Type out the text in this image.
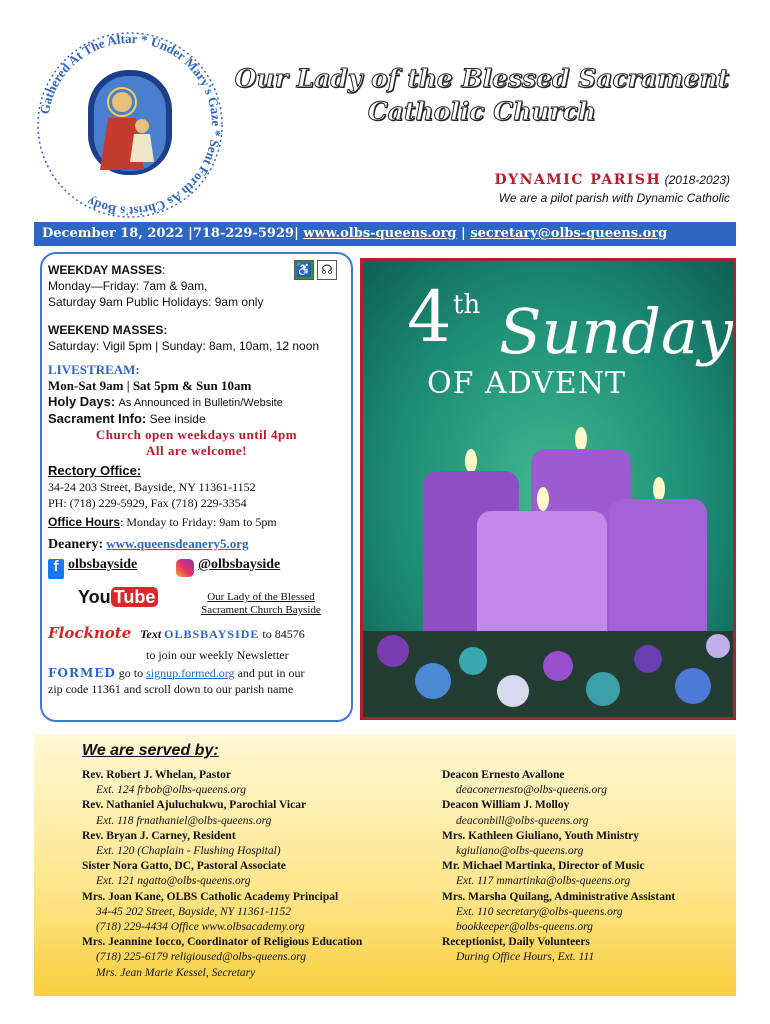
Gathered At The Altar * Under Mary's Gaze * Sent Forth As Christ's Body
Our Lady of the Blessed Sacrament
Catholic Church
DYNAMIC PARISH (2018-2023)
We are a pilot parish with Dynamic Catholic
December 18, 2022 |718-229-5929| www.olbs-queens.org | secretary@olbs-queens.org
♿ ☊
WEEKDAY MASSES:
Monday—Friday: 7am & 9am,
Saturday 9am Public Holidays: 9am only
WEEKEND MASSES:
Saturday: Vigil 5pm | Sunday: 8am, 10am, 12 noon
LIVESTREAM:
Mon-Sat 9am | Sat 5pm & Sun 10am
Holy Days: As Announced in Bulletin/Website
Sacrament Info: See inside
Church open weekdays until 4pm
All are welcome!
Rectory Office:
34-24 203 Street, Bayside, NY 11361-1152
PH: (718) 229-5929, Fax (718) 229-3354
Office Hours: Monday to Friday: 9am to 5pm
Deanery: www.queensdeanery5.org
f olbsbayside	@olbsbayside
You Tube	Our Lady of the Blessed
Sacrament Church Bayside
Flocknote Text OLBSBAYSIDE to 84576
to join our weekly Newsletter
FORMED go to signup.formed.org and put in our
zip code 11361 and scroll down to our parish name
4 th Sunday
OF ADVENT
We are served by:
Rev. Robert J. Whelan, Pastor
Ext. 124 frbob@olbs-queens.org
Rev. Nathaniel Ajuluchukwu, Parochial Vicar
Ext. 118 frnathaniel@olbs-queens.org
Rev. Bryan J. Carney, Resident
Ext. 120 (Chaplain - Flushing Hospital)
Sister Nora Gatto, DC, Pastoral Associate
Ext. 121 ngatto@olbs-queens.org
Mrs. Joan Kane, OLBS Catholic Academy Principal
34-45 202 Street, Bayside, NY 11361-1152
(718) 229-4434 Office www.olbsacademy.org
Mrs. Jeannine Iocco, Coordinator of Religious Education
(718) 225-6179 religioused@olbs-queens.org
Mrs. Jean Marie Kessel, Secretary
Deacon Ernesto Avallone
deaconernesto@olbs-queens.org
Deacon William J. Molloy
deaconbill@olbs-queens.org
Mrs. Kathleen Giuliano, Youth Ministry
kgiuliano@olbs-queens.org
Mr. Michael Martinka, Director of Music
Ext. 117 mmartinka@olbs-queens.org
Mrs. Marsha Quilang, Administrative Assistant
Ext. 110 secretary@olbs-queens.org
bookkeeper@olbs-queens.org
Receptionist, Daily Volunteers
During Office Hours, Ext. 111
